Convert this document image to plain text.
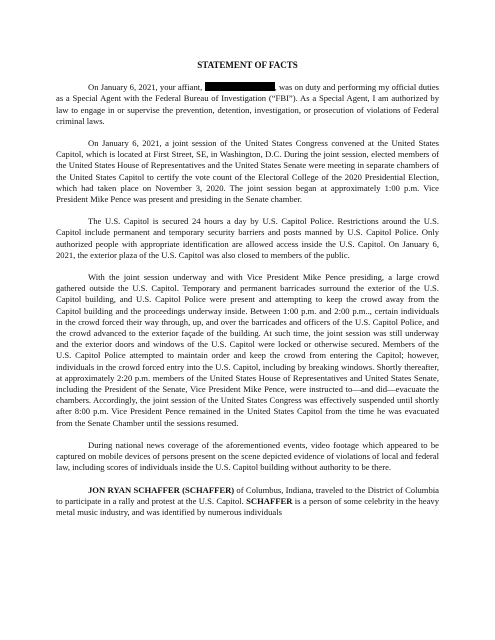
STATEMENT OF FACTS

On January 6, 2021, your affiant,	, was on duty and performing my official duties as a Special Agent with the Federal Bureau of Investigation (“FBI”). As a Special Agent, I am authorized by law to engage in or supervise the prevention, detention, investigation, or prosecution of violations of Federal criminal laws.

On January 6, 2021, a joint session of the United States Congress convened at the United States Capitol, which is located at First Street, SE, in Washington, D.C. During the joint session, elected members of the United States House of Representatives and the United States Senate were meeting in separate chambers of the United States Capitol to certify the vote count of the Electoral College of the 2020 Presidential Election, which had taken place on November 3, 2020. The joint session began at approximately 1:00 p.m. Vice President Mike Pence was present and presiding in the Senate chamber.

The U.S. Capitol is secured 24 hours a day by U.S. Capitol Police. Restrictions around the U.S. Capitol include permanent and temporary security barriers and posts manned by U.S. Capitol Police. Only authorized people with appropriate identification are allowed access inside the U.S. Capitol. On January 6, 2021, the exterior plaza of the U.S. Capitol was also closed to members of the public.

With the joint session underway and with Vice President Mike Pence presiding, a large crowd gathered outside the U.S. Capitol. Temporary and permanent barricades surround the exterior of the U.S. Capitol building, and U.S. Capitol Police were present and attempting to keep the crowd away from the Capitol building and the proceedings underway inside. Between 1:00 p.m. and 2:00 p.m.., certain individuals in the crowd forced their way through, up, and over the barricades and officers of the U.S. Capitol Police, and the crowd advanced to the exterior façade of the building. At such time, the joint session was still underway and the exterior doors and windows of the U.S. Capitol were locked or otherwise secured. Members of the U.S. Capitol Police attempted to maintain order and keep the crowd from entering the Capitol; however, individuals in the crowd forced entry into the U.S. Capitol, including by breaking windows. Shortly thereafter, at approximately 2:20 p.m. members of the United States House of Representatives and United States Senate, including the President of the Senate, Vice President Mike Pence, were instructed to—and did—evacuate the chambers. Accordingly, the joint session of the United States Congress was effectively suspended until shortly after 8:00 p.m. Vice President Pence remained in the United States Capitol from the time he was evacuated from the Senate Chamber until the sessions resumed.

During national news coverage of the aforementioned events, video footage which appeared to be captured on mobile devices of persons present on the scene depicted evidence of violations of local and federal law, including scores of individuals inside the U.S. Capitol building without authority to be there.

JON RYAN SCHAFFER (SCHAFFER) of Columbus, Indiana, traveled to the District of Columbia to participate in a rally and protest at the U.S. Capitol. SCHAFFER is a person of some celebrity in the heavy metal music industry, and was identified by numerous individuals
